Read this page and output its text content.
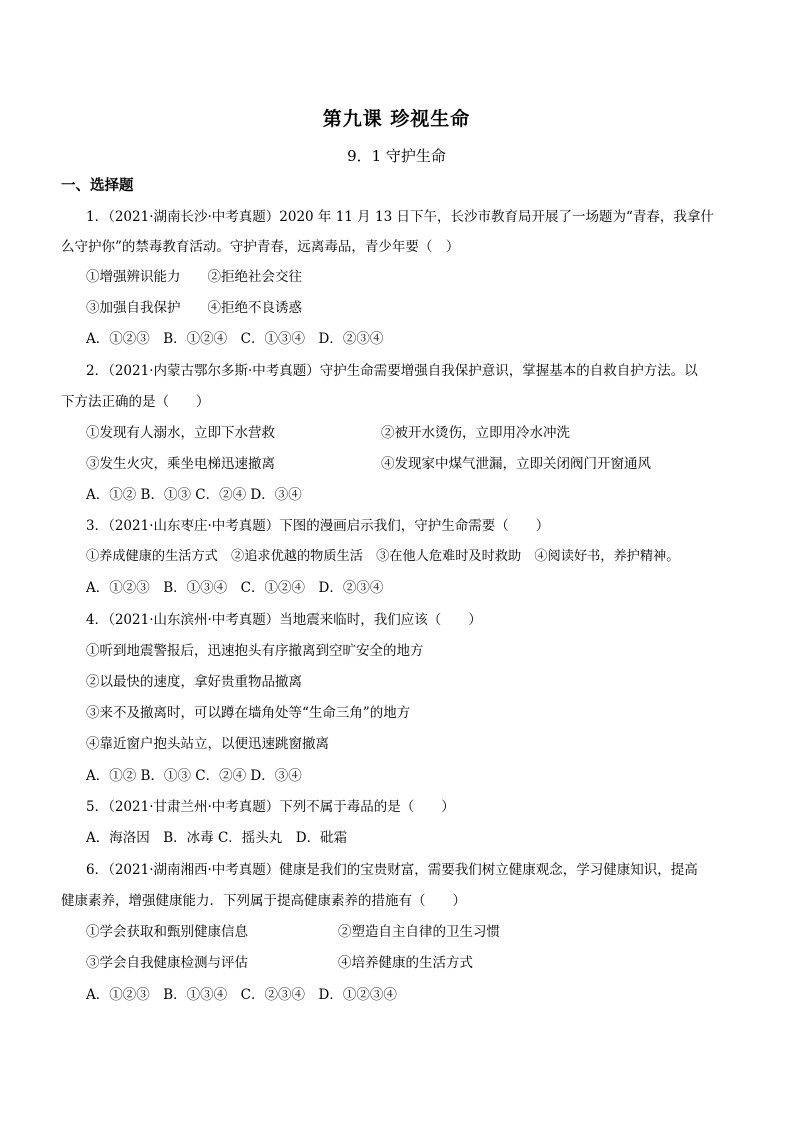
第九课 珍视生命
9．1 守护生命
一、选择题
1．（2021·湖南长沙·中考真题）2020 年 11 月 13 日下午，长沙市教育局开展了一场题为“青春，我拿什
么守护你”的禁毒教育活动。守护青春，远离毒品，青少年要（　）
①增强辨识能力　　②拒绝社会交往
③加强自我保护　　④拒绝不良诱惑
A．①②③　B．①②④　C．①③④　D．②③④
2．（2021·内蒙古鄂尔多斯·中考真题）守护生命需要增强自我保护意识，掌握基本的自救自护方法。以
下方法正确的是（　　）
①发现有人溺水，立即下水营救	②被开水烫伤，立即用冷水冲洗
③发生火灾，乘坐电梯迅速撤离	④发现家中煤气泄漏，立即关闭阀门开窗通风
A．①② B．①③ C．②④ D．③④
3．（2021·山东枣庄·中考真题）下图的漫画启示我们，守护生命需要（　　）
①养成健康的生活方式　②追求优越的物质生活　③在他人危难时及时救助　④阅读好书，养护精神。
A．①②③　B．①③④　C．①②④　D．②③④
4．（2021·山东滨州·中考真题）当地震来临时，我们应该（　　）
①听到地震警报后，迅速抱头有序撤离到空旷安全的地方
②以最快的速度，拿好贵重物品撤离
③来不及撤离时，可以蹲在墙角处等“生命三角”的地方
④靠近窗户抱头站立，以便迅速跳窗撤离
A．①② B．①③ C．②④ D．③④
5．（2021·甘肃兰州·中考真题）下列不属于毒品的是（　　）
A．海洛因　B．冰毒 C．摇头丸　D．砒霜
6．（2021·湖南湘西·中考真题）健康是我们的宝贵财富，需要我们树立健康观念，学习健康知识，提高
健康素养，增强健康能力．下列属于提高健康素养的措施有（　　）
①学会获取和甄别健康信息	②塑造自主自律的卫生习惯
③学会自我健康检测与评估	④培养健康的生活方式
A．①②③　B．①③④　C．②③④　D．①②③④
